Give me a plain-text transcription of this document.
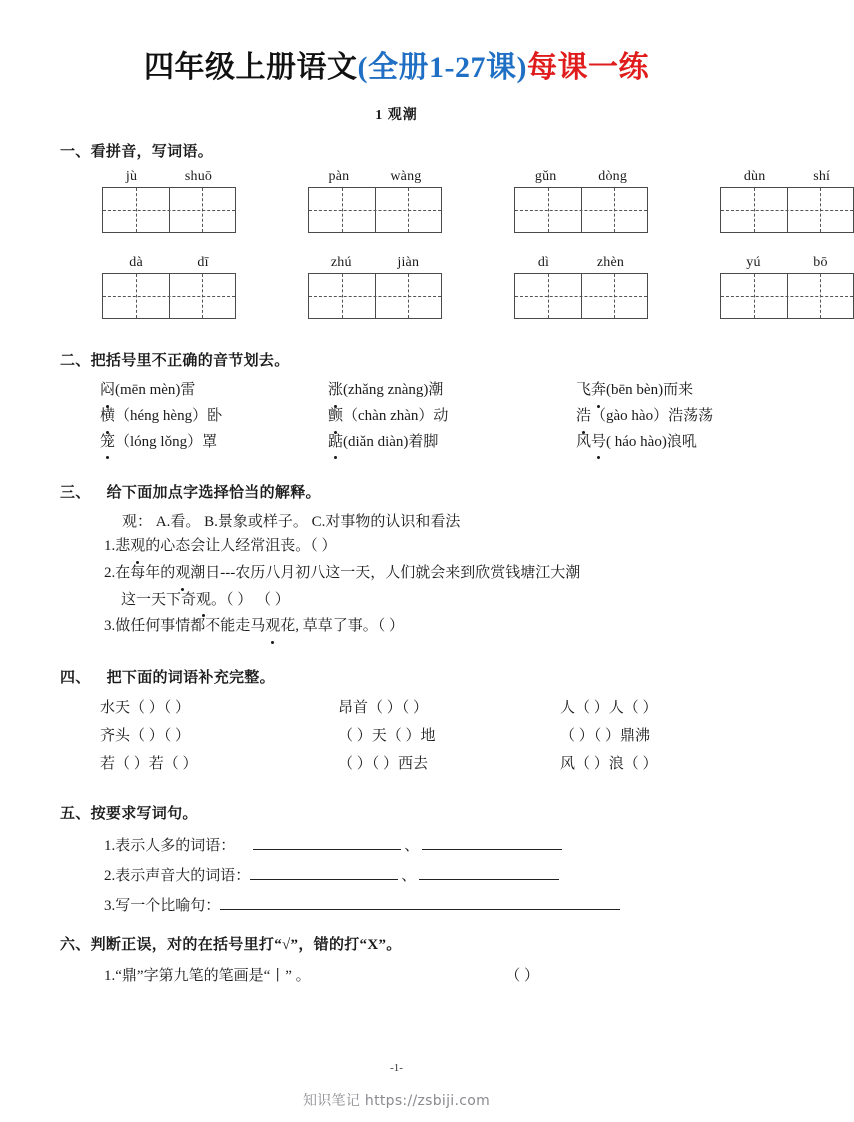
四年级上册语文(全册1-27课)每课一练
1 观潮
一、看拼音，写词语。
jù	shuō	pàn	wàng	gǔn	dòng	dùn	shí
dà	dī	zhú	jiàn	dì	zhèn	yú	bō
二、把括号里不正确的音节划去。
闷(mēn mèn)雷	涨(zhǎng znàng)潮	飞奔(bēn bèn)而来
横（héng hèng）卧	颤（chàn zhàn）动	浩（gào hào）浩荡荡
笼（lóng lǒng）罩	踮(diǎn diàn)着脚	风号( háo hào)浪吼
三、 给下面加点字选择恰当的解释。
观： A.看。 B.景象或样子。 C.对事物的认识和看法
1.悲观的心态会让人经常沮丧。（ ）
2.在每年的观潮日---农历八月初八这一天，人们就会来到欣赏钱塘江大潮
这一天下奇观。（ ） （ ）
3.做任何事情都不能走马观花, 草草了事。（ ）
四、 把下面的词语补充完整。
水天（ ）（ ）	昂首（ ）（ ）	人（ ）人（ ）
齐头（ ）（ ）	（ ）天（ ）地	（ ）（ ）鼎沸
若（ ）若（ ）	（ ）（ ）西去	风（ ）浪（ ）
五、按要求写词句。
1.表示人多的词语：	、
2.表示声音大的词语：	、
3.写一个比喻句：
六、判断正误，对的在括号里打“√”，错的打“X”。
1. “鼎”字第九笔的笔画是“丨” 。	（ ）
-1-
知识笔记 https://zsbiji.com
